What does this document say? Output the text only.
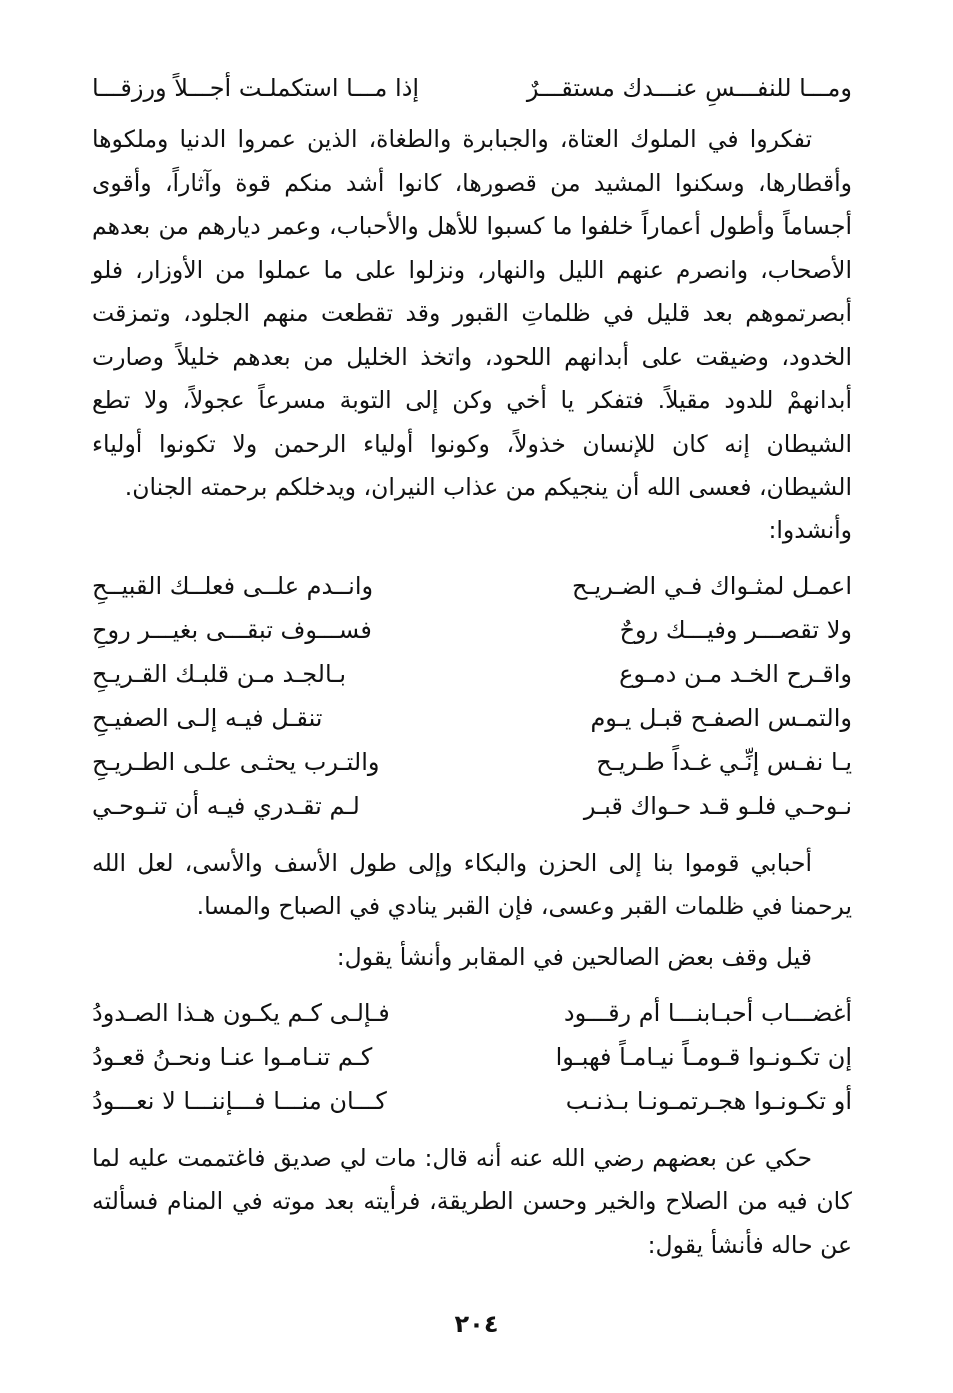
ومـــا للنفـــسِ عنـــدك مستقـــرٌ
إذا مـــا استكملـت أجـــلاً ورزقـــا

تفكروا في الملوك العتاة، والجبابرة والطغاة، الذين عمروا الدنيا وملكوها وأقطارها، وسكنوا المشيد من قصورها، كانوا أشد منكم قوة وآثاراً، وأقوى أجساماً وأطول أعماراً خلفوا ما كسبوا للأهل والأحباب، وعمر ديارهم من بعدهم الأصحاب، وانصرم عنهم الليل والنهار، ونزلوا على ما عملوا من الأوزار، فلو أبصرتموهم بعد قليل في ظلماتِ القبور وقد تقطعت منهم الجلود، وتمزقت الخدود، وضيقت على أبدانهم اللحود، واتخذ الخليل من بعدهم خليلاً وصارت أبدانهمْ للدود مقيلاً. فتفكر يا أخي وكن إلى التوبة مسرعاً عجولاً، ولا تطع الشيطان إنه كان للإنسان خذولاً، وكونوا أولياء الرحمن ولا تكونوا أولياء الشيطان، فعسى الله أن ينجيكم من عذاب النيران، ويدخلكم برحمته الجنان.

وأنشدوا:

اعمـل لمثـواك فـي الضـريـح
وانــدم علــى فعلــك القبيــحِ
ولا تقصـــر وفيـــك روحٌ
فســـوف تبقـــى بغيـــر روحِ
واقـرح الخـد مـن دمـوع
بـالجـد مـن قلبـك القـريـحِ
والتمـس الصفـح قبـل يـوم
تنقـل فيـه إلـى الصفيـحِ
يـا نفـس إنِّـي غـداً طـريـح
والتـرب يحثـى علـى الطـريـحِ
نـوحـي فلـو قـد حـواك قبـر
لـم تقـدري فيـه أن تنـوحـي

أحبابي قوموا بنا إلى الحزن والبكاء وإلى طول الأسف والأسى، لعل الله يرحمنا في ظلمات القبر وعسى، فإن القبر ينادي في الصباح والمسا.

قيل وقف بعض الصالحين في المقابر وأنشأ يقول:

أغضـــاب أحبـابنـــا أم رقـــود
فـإلـى كـم يكـون هـذا الصـدودُ
إن تكـونـوا قـومـاً نيـامـاً فهبـوا
كـم تنـامـوا عنـا ونحـنُ قعـودُ
أو تكـونـوا هجـرتمـونـا بـذنـب
كـــان منـــا فـــإننـــا لا نعـــودُ

حكي عن بعضهم رضي الله عنه أنه قال: مات لي صديق فاغتممت عليه لما كان فيه من الصلاح والخير وحسن الطريقة، فرأيته بعد موته في المنام فسألته عن حاله فأنشأ يقول:

٢٠٤
